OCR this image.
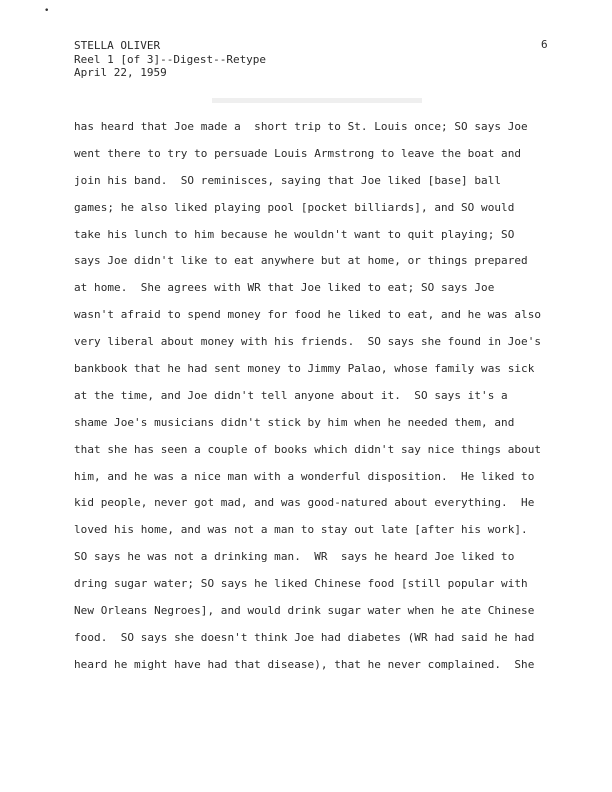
•
STELLA OLIVER
Reel 1 [of 3]--Digest--Retype
April 22, 1959
6
has heard that Joe made a  short trip to St. Louis once; SO says Joe
went there to try to persuade Louis Armstrong to leave the boat and
join his band.  SO reminisces, saying that Joe liked [base] ball
games; he also liked playing pool [pocket billiards], and SO would
take his lunch to him because he wouldn't want to quit playing; SO
says Joe didn't like to eat anywhere but at home, or things prepared
at home.  She agrees with WR that Joe liked to eat; SO says Joe
wasn't afraid to spend money for food he liked to eat, and he was also
very liberal about money with his friends.  SO says she found in Joe's
bankbook that he had sent money to Jimmy Palao, whose family was sick
at the time, and Joe didn't tell anyone about it.  SO says it's a
shame Joe's musicians didn't stick by him when he needed them, and
that she has seen a couple of books which didn't say nice things about
him, and he was a nice man with a wonderful disposition.  He liked to
kid people, never got mad, and was good-natured about everything.  He
loved his home, and was not a man to stay out late [after his work].
SO says he was not a drinking man.  WR  says he heard Joe liked to
dring sugar water; SO says he liked Chinese food [still popular with
New Orleans Negroes], and would drink sugar water when he ate Chinese
food.  SO says she doesn't think Joe had diabetes (WR had said he had
heard he might have had that disease), that he never complained.  She
